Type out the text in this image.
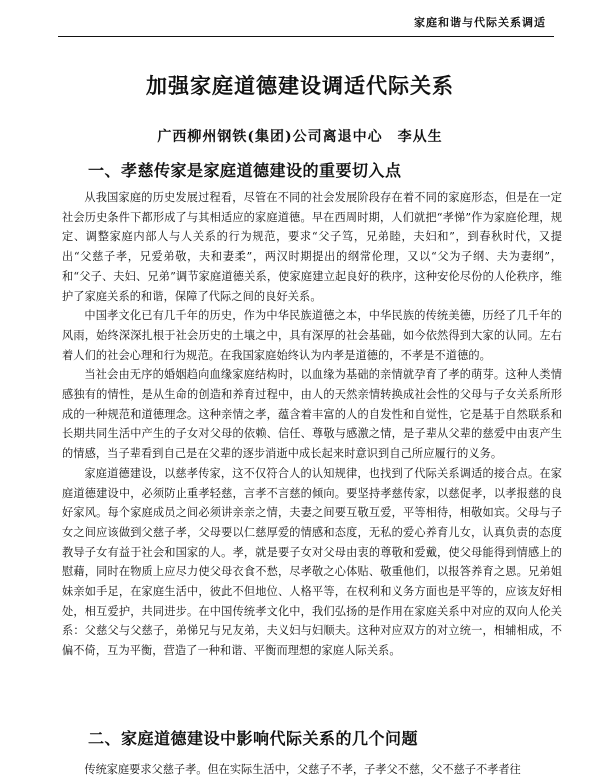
家庭和谐与代际关系调适
加强家庭道德建设调适代际关系
广西柳州钢铁(集团)公司离退中心　李从生
一、孝慈传家是家庭道德建设的重要切入点

从我国家庭的历史发展过程看，尽管在不同的社会发展阶段存在着不同的家庭形态，但是在一定社会历史条件下都形成了与其相适应的家庭道德。早在西周时期，人们就把“孝悌”作为家庭伦理，规定、调整家庭内部人与人关系的行为规范，要求“父子笃，兄弟睦，夫妇和”，到春秋时代，又提出“父慈子孝，兄爱弟敬，夫和妻柔”，两汉时期提出的纲常伦理，又以“父为子纲、夫为妻纲”，和“父子、夫妇、兄弟”调节家庭道德关系，使家庭建立起良好的秩序，这种安伦尽份的人伦秩序，维护了家庭关系的和谐，保障了代际之间的良好关系。

中国孝文化已有几千年的历史，作为中华民族道德之本，中华民族的传统美德，历经了几千年的风雨，始终深深扎根于社会历史的土壤之中，具有深厚的社会基础，如今依然得到大家的认同。左右着人们的社会心理和行为规范。在我国家庭始终认为内孝是道德的，不孝是不道德的。

当社会由无序的婚姻趋向血缘家庭结构时，以血缘为基础的亲情就孕育了孝的萌芽。这种人类情感独有的情性，是从生命的创造和养育过程中，由人的天然亲情转换成社会性的父母与子女关系所形成的一种规范和道德理念。这种亲情之孝，蕴含着丰富的人的自发性和自觉性，它是基于自然联系和长期共同生活中产生的子女对父母的依赖、信任、尊敬与感激之情，是子辈从父辈的慈爱中由衷产生的情感，当子辈看到自己是在父辈的逐步消逝中成长起来时意识到自己所应履行的义务。

家庭道德建设，以慈孝传家，这不仅符合人的认知规律，也找到了代际关系调适的接合点。在家庭道德建设中，必须防止重孝轻慈，言孝不言慈的倾向。要坚持孝慈传家，以慈促孝，以孝报慈的良好家风。每个家庭成员之间必须讲亲亲之情，夫妻之间要互敬互爱，平等相待，相敬如宾。父母与子女之间应该做到父慈子孝，父母要以仁慈厚爱的情感和态度，无私的爱心养育儿女，认真负责的态度教导子女有益于社会和国家的人。孝，就是要子女对父母由衷的尊敬和爱戴，使父母能得到情感上的慰藉，同时在物质上应尽力使父母衣食不愁，尽孝敬之心体贴、敬重他们，以报答养育之恩。兄弟姐妹亲如手足，在家庭生活中，彼此不但地位、人格平等，在权利和义务方面也是平等的，应该友好相处，相互爱护，共同进步。在中国传统孝文化中，我们弘扬的是作用在家庭关系中对应的双向人伦关系：父慈父与父慈子，弟悌兄与兄友弟，夫义妇与妇顺夫。这种对应双方的对立统一，相辅相成，不偏不倚，互为平衡，营造了一种和谐、平衡而理想的家庭人际关系。

二、家庭道德建设中影响代际关系的几个问题
传统家庭要求父慈子孝。但在实际生活中，父慈子不孝，子孝父不慈，父不慈子不孝者往
